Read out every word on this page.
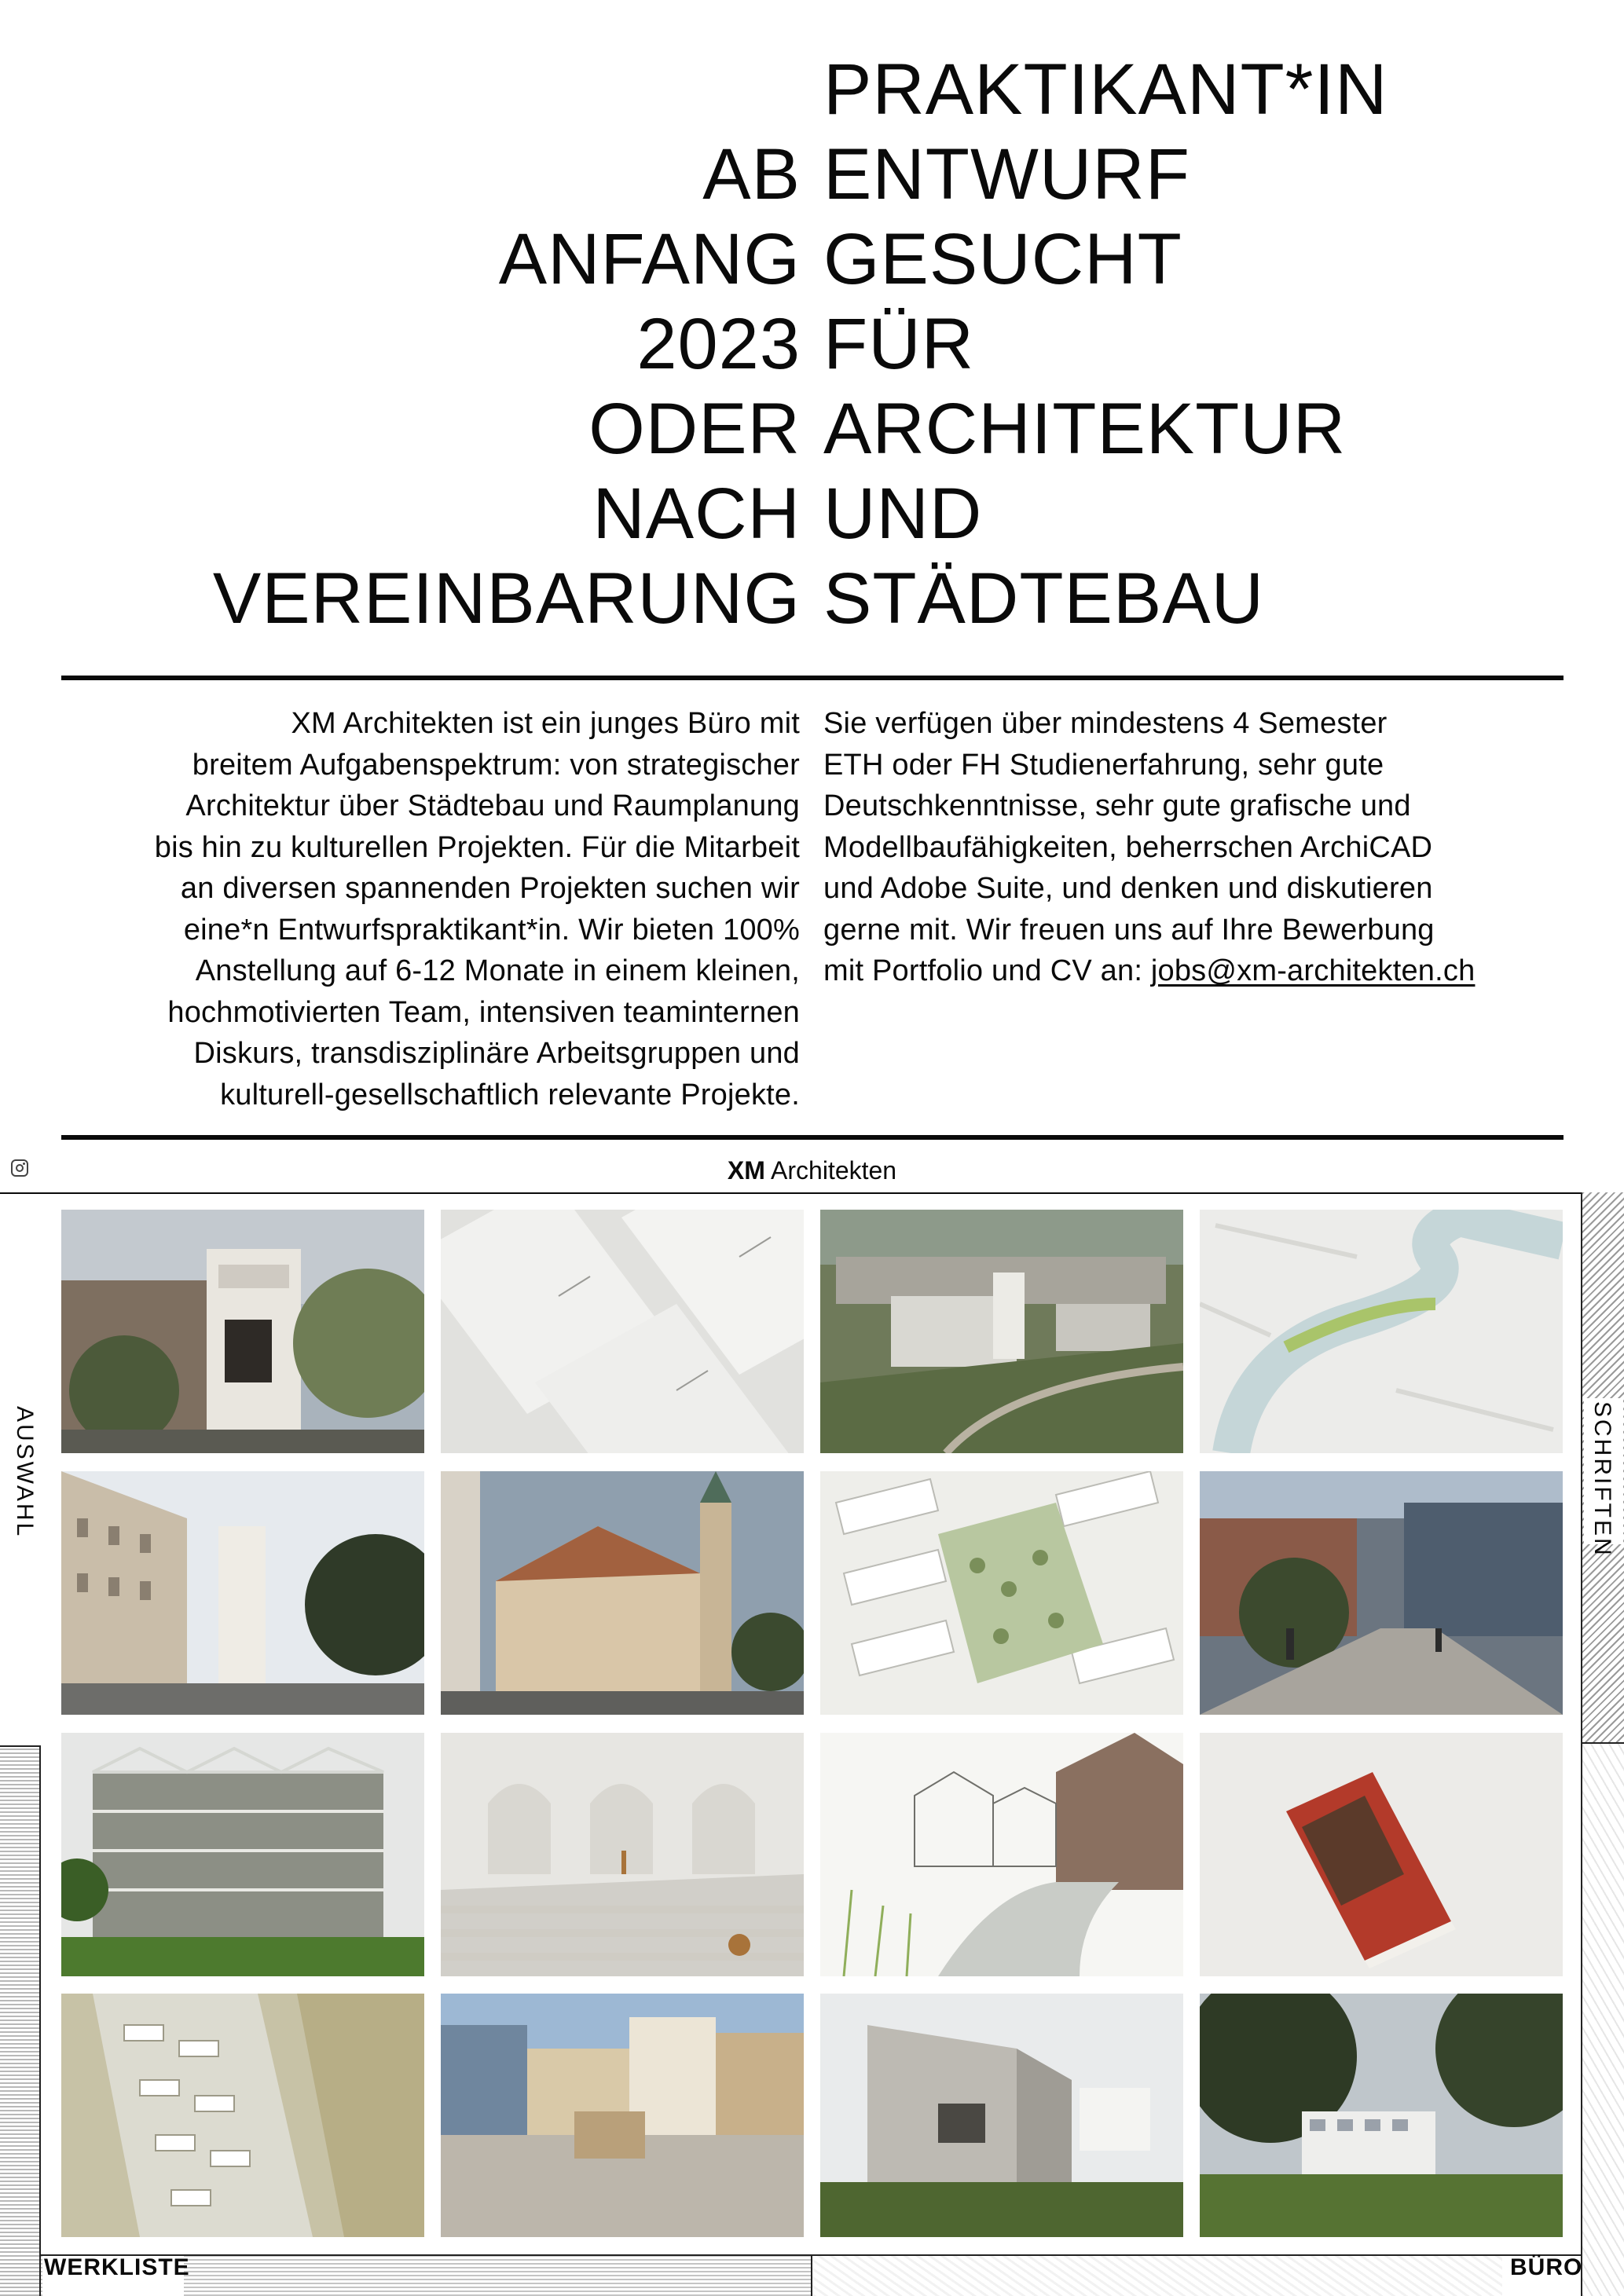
AB
ANFANG
2023
ODER
NACH
VEREINBARUNG
PRAKTIKANT*IN
ENTWURF
GESUCHT
FÜR
ARCHITEKTUR
UND
STÄDTEBAU
XM Architekten ist ein junges Büro mit
breitem Aufgabenspektrum: von strategischer
Architektur über Städtebau und Raumplanung
bis hin zu kulturellen Projekten. Für die Mitarbeit
an diversen spannenden Projekten suchen wir
eine*n Entwurfspraktikant*in. Wir bieten 100%
Anstellung auf 6-12 Monate in einem kleinen,
hochmotivierten Team, intensiven teaminternen
Diskurs, transdisziplinäre Arbeitsgruppen und
kulturell-gesellschaftlich relevante Projekte.
Sie verfügen über mindestens 4 Semester
ETH oder FH Studienerfahrung, sehr gute
Deutschkenntnisse, sehr gute grafische und
Modellbaufähigkeiten, beherrschen ArchiCAD
und Adobe Suite, und denken und diskutieren
gerne mit. Wir freuen uns auf Ihre Bewerbung
mit Portfolio und CV an: jobs@xm-architekten.ch
XM Architekten
AUSWAHL	SCHRIFTEN
WERKLISTE	BÜRO
